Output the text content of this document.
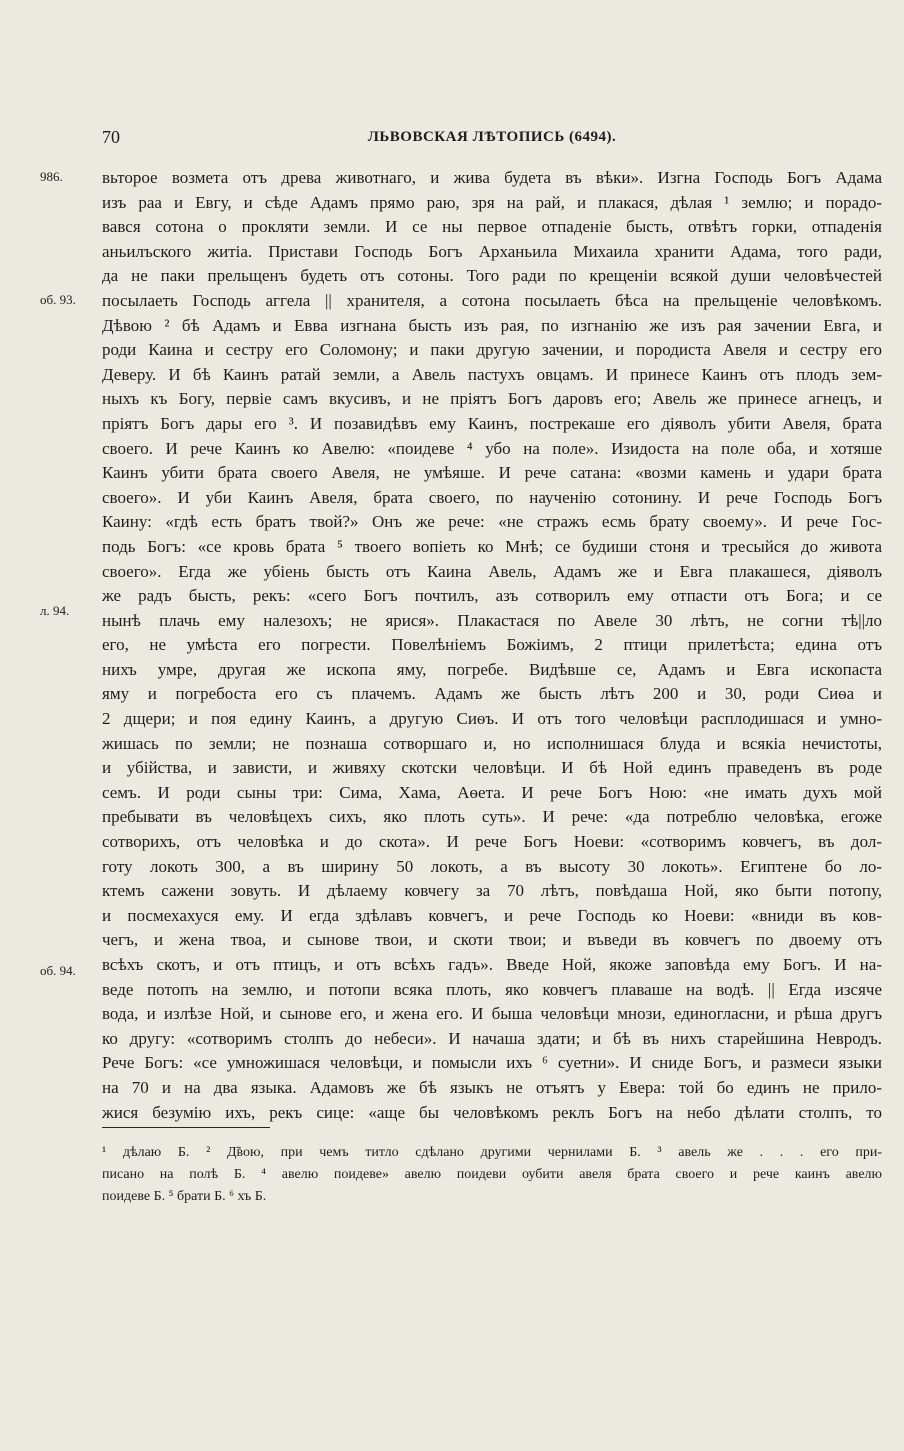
70	ЛЬВОВСКАЯ ЛѢТОПИСЬ (6494).
986.
об. 93.
л. 94.
об. 94.
вьторое возмета отъ древа животнаго, и жива будета въ вѣки». Изгна Господь Богъ Адама
изъ раа и Евгу, и сѣде Адамъ прямо раю, зря на рай, и плакася, дѣлая ¹ землю; и порадо-
вався сотона о прокляти земли. И се ны первое отпаденіе бысть, отвѣтъ горки, отпаденія
аньилъского житіа. Пристави Господь Богъ Арханьила Михаила хранити Адама, того ради,
да не паки прельщенъ будеть отъ сотоны. Того ради по крещеніи всякой души человѣчестей
посылаеть Господь аггела || хранителя, а сотона посылаеть бѣса на прельщеніе человѣкомъ.
Дѣвою ² бѣ Адамъ и Евва изгнана бысть изъ рая, по изгнанію же изъ рая зачении Евга, и
роди Каина и сестру его Соломону; и паки другую зачении, и породиста Авеля и сестру его
Деверу. И бѣ Каинъ ратай земли, а Авель пастухъ овцамъ. И принесе Каинъ отъ плодъ зем-
ныхъ къ Богу, первіе самъ вкусивъ, и не пріятъ Богъ даровъ его; Авель же принесе агнецъ, и
пріятъ Богъ дары его ³. И позавидѣвъ ему Каинъ, пострекаше его діяволъ убити Авеля, брата
своего. И рече Каинъ ко Авелю: «поидеве ⁴ убо на поле». Изидоста на поле оба, и хотяше
Каинъ убити брата своего Авеля, не умѣяше. И рече сатана: «возми камень и удари брата
своего». И уби Каинъ Авеля, брата своего, по наученію сотонину. И рече Господь Богъ
Каину: «гдѣ есть братъ твой?» Онъ же рече: «не стражъ есмь брату своему». И рече Гос-
подь Богъ: «се кровь брата ⁵ твоего вопіеть ко Мнѣ; се будиши стоня и тресыйся до живота
своего». Егда же убіень бысть отъ Каина Авель, Адамъ же и Евга плакашеся, діяволъ
же радъ бысть, рекъ: «сего Богъ почтилъ, азъ сотворилъ ему отпасти отъ Бога; и се
нынѣ плачь ему налезохъ; не ярися». Плакастася по Авеле 30 лѣтъ, не согни тѣ||ло
его, не умѣста его погрести. Повелѣніемъ Божіимъ, 2 птици прилетѣста; едина отъ
нихъ умре, другая же ископа яму, погребе. Видѣвше се, Адамъ и Евга ископаста
яму и погребоста его съ плачемъ. Адамъ же бысть лѣтъ 200 и 30, роди Сиѳа и
2 дщери; и поя едину Каинъ, а другую Сиѳъ. И отъ того человѣци расплодишася и умно-
жишась по земли; не познаша сотворшаго и, но исполнишася блуда и всякіа нечистоты,
и убійства, и зависти, и живяху скотски человѣци. И бѣ Ной единъ праведенъ въ роде
семъ. И роди сыны три: Сима, Хама, Аѳета. И рече Богъ Ною: «не имать духъ мой
пребывати въ человѣцехъ сихъ, яко плоть суть». И рече: «да потреблю человѣка, егоже
сотворихъ, отъ человѣка и до скота». И рече Богъ Ноеви: «сотворимъ ковчегъ, въ дол-
готу локоть 300, а въ ширину 50 локоть, а въ высоту 30 локоть». Египтене бо ло-
ктемъ сажени зовуть. И дѣлаему ковчегу за 70 лѣтъ, повѣдаша Ной, яко быти потопу,
и посмехахуся ему. И егда здѣлавъ ковчегъ, и рече Господь ко Ноеви: «вниди въ ков-
чегъ, и жена твоа, и сынове твои, и скоти твои; и въведи въ ковчегъ по двоему отъ
всѣхъ скотъ, и отъ птицъ, и отъ всѣхъ гадъ». Введе Ной, якоже заповѣда ему Богъ. И на-
веде потопъ на землю, и потопи всяка плоть, яко ковчегъ плаваше на водѣ. || Егда изсяче
вода, и излѣзе Ной, и сынове его, и жена его. И быша человѣци мнози, единогласни, и рѣша другъ
ко другу: «сотворимъ столпъ до небеси». И начаша здати; и бѣ въ нихъ старейшина Невродъ.
Рече Богъ: «се умножишася человѣци, и помысли ихъ ⁶ суетни». И сниде Богъ, и размеси языки
на 70 и на два языка. Адамовъ же бѣ языкъ не отъятъ у Евера: той бо единъ не прило-
жися безумію ихъ, рекъ сице: «аще бы человѣкомъ реклъ Богъ на небо дѣлати столпъ, то
¹ дѣлаю Б. ² Д̃вою, при чемъ титло сдѣлано другими чернилами Б. ³ авель же . . . его при-
писано на полѣ Б. ⁴ авелю поидеве» авелю поидеви оубити авеля брата своего и рече каинъ авелю
поидеве Б. ⁵ брати Б. ⁶ хъ Б.
